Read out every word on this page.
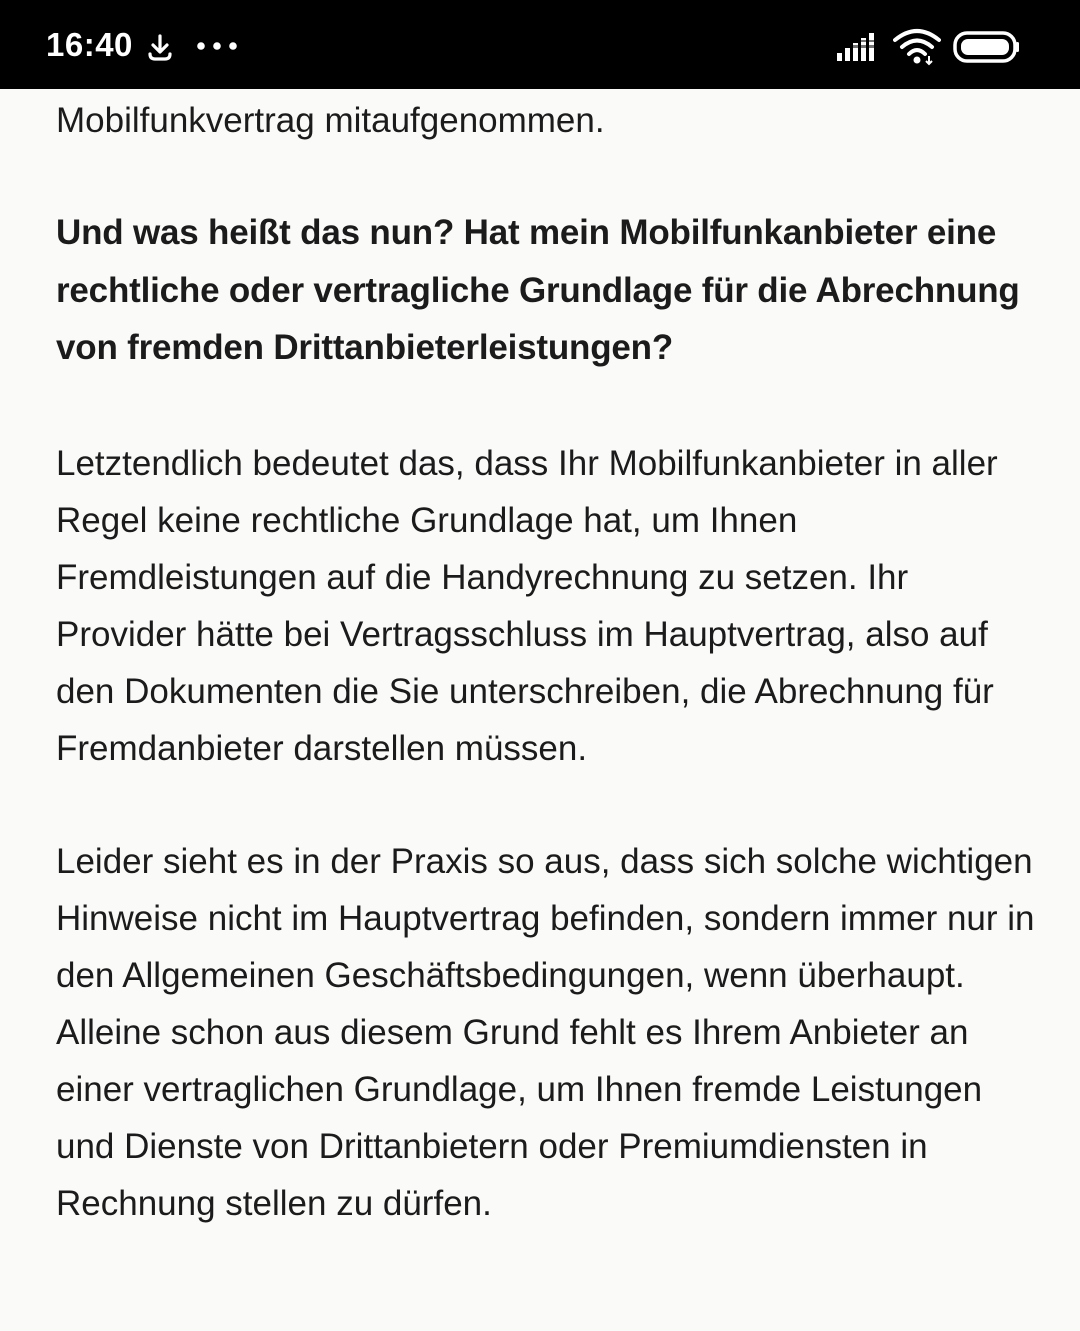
16:40

Mobilfunkvertrag mitaufgenommen.

Und was heißt das nun? Hat mein Mobilfunkanbieter eine rechtliche oder vertragliche Grundlage für die Abrechnung von fremden Drittanbieterleistungen?

Letztendlich bedeutet das, dass Ihr Mobilfunkanbieter in aller Regel keine rechtliche Grundlage hat, um Ihnen Fremdleistungen auf die Handyrechnung zu setzen. Ihr Provider hätte bei Vertragsschluss im Hauptvertrag, also auf den Dokumenten die Sie unterschreiben, die Abrechnung für Fremdanbieter darstellen müssen.

Leider sieht es in der Praxis so aus, dass sich solche wichtigen Hinweise nicht im Hauptvertrag befinden, sondern immer nur in den Allgemeinen Geschäftsbedingungen, wenn überhaupt. Alleine schon aus diesem Grund fehlt es Ihrem Anbieter an einer vertraglichen Grundlage, um Ihnen fremde Leistungen und Dienste von Drittanbietern oder Premiumdiensten in Rechnung stellen zu dürfen.
